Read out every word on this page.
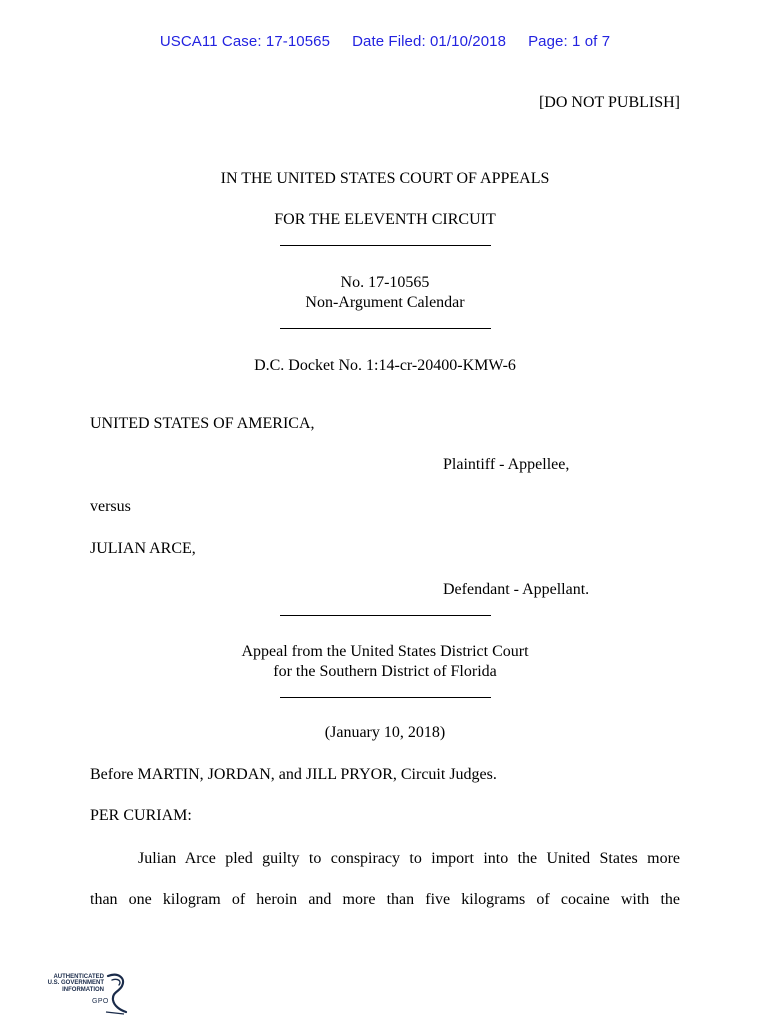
USCA11 Case: 17-10565 Date Filed: 01/10/2018 Page: 1 of 7
[DO NOT PUBLISH]
IN THE UNITED STATES COURT OF APPEALS
FOR THE ELEVENTH CIRCUIT
No. 17-10565
Non-Argument Calendar
D.C. Docket No. 1:14-cr-20400-KMW-6
UNITED STATES OF AMERICA,
Plaintiff - Appellee,
versus
JULIAN ARCE,
Defendant - Appellant.
Appeal from the United States District Court
for the Southern District of Florida
(January 10, 2018)
Before MARTIN, JORDAN, and JILL PRYOR, Circuit Judges.
PER CURIAM:
Julian Arce pled guilty to conspiracy to import into the United States more
than one kilogram of heroin and more than five kilograms of cocaine with the
AUTHENTICATED
U.S. GOVERNMENT
INFORMATION
GPO
